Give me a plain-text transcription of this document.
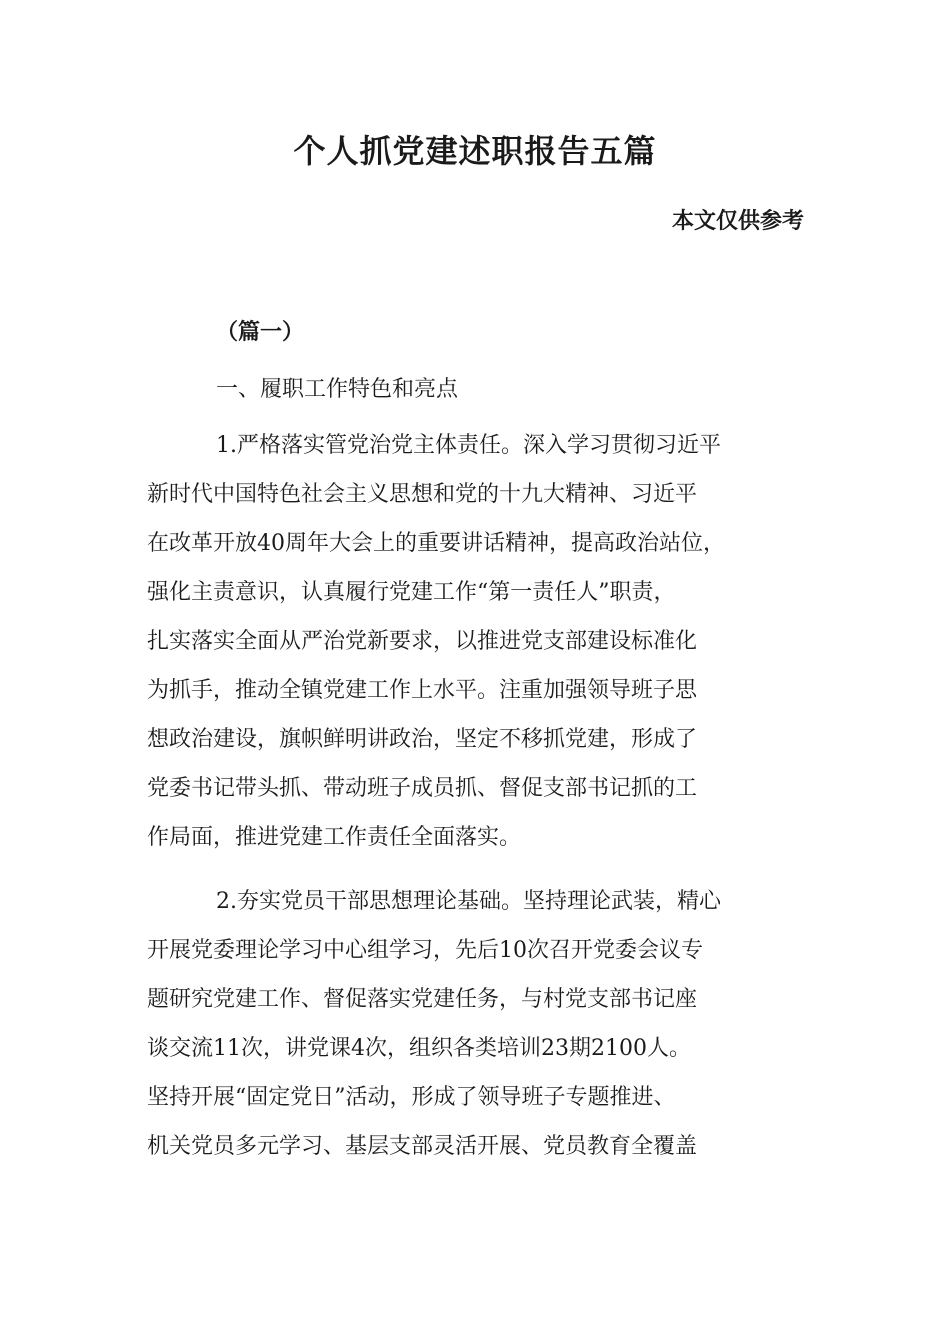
个人抓党建述职报告五篇
本文仅供参考
（篇一）
一、履职工作特色和亮点
1.严格落实管党治党主体责任。深入学习贯彻习近平
新时代中国特色社会主义思想和党的十九大精神、习近平
在改革开放40周年大会上的重要讲话精神，提高政治站位，
强化主责意识，认真履行党建工作“第一责任人”职责，
扎实落实全面从严治党新要求，以推进党支部建设标准化
为抓手，推动全镇党建工作上水平。注重加强领导班子思
想政治建设，旗帜鲜明讲政治，坚定不移抓党建，形成了
党委书记带头抓、带动班子成员抓、督促支部书记抓的工
作局面，推进党建工作责任全面落实。
2.夯实党员干部思想理论基础。坚持理论武装，精心
开展党委理论学习中心组学习，先后10次召开党委会议专
题研究党建工作、督促落实党建任务，与村党支部书记座
谈交流11次，讲党课4次，组织各类培训23期2100人。
坚持开展“固定党日”活动，形成了领导班子专题推进、
机关党员多元学习、基层支部灵活开展、党员教育全覆盖
